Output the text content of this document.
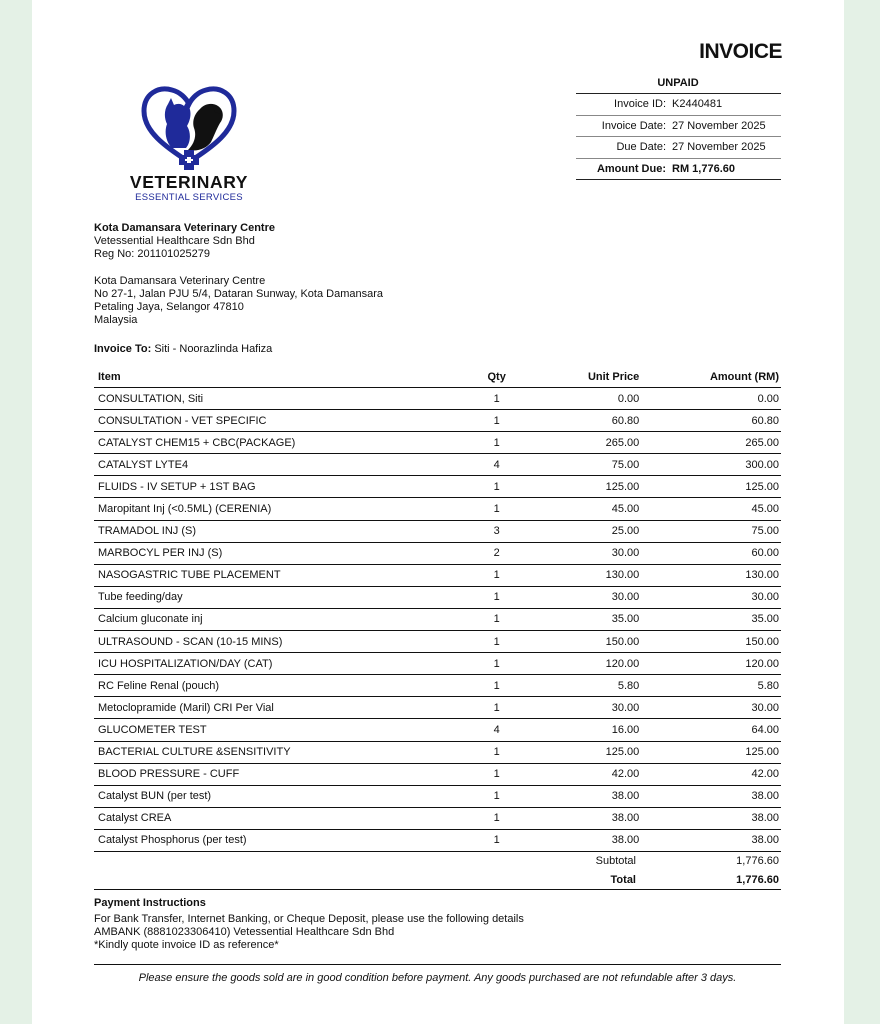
INVOICE
UNPAID
Invoice ID: K2440481
Invoice Date: 27 November 2025
Due Date: 27 November 2025
Amount Due: RM 1,776.60
VETERINARY
ESSENTIAL SERVICES
Kota Damansara Veterinary Centre
Vetessential Healthcare Sdn Bhd
Reg No: 201101025279
Kota Damansara Veterinary Centre
No 27-1, Jalan PJU 5/4, Dataran Sunway, Kota Damansara
Petaling Jaya, Selangor 47810
Malaysia
Invoice To: Siti - Noorazlinda Hafiza
Item	Qty	Unit Price	Amount (RM)
CONSULTATION, Siti	1	0.00	0.00
CONSULTATION - VET SPECIFIC	1	60.80	60.80
CATALYST CHEM15 + CBC(PACKAGE)	1	265.00	265.00
CATALYST LYTE4	4	75.00	300.00
FLUIDS - IV SETUP + 1ST BAG	1	125.00	125.00
Maropitant Inj (<0.5ML) (CERENIA)	1	45.00	45.00
TRAMADOL INJ (S)	3	25.00	75.00
MARBOCYL PER INJ (S)	2	30.00	60.00
NASOGASTRIC TUBE PLACEMENT	1	130.00	130.00
Tube feeding/day	1	30.00	30.00
Calcium gluconate inj	1	35.00	35.00
ULTRASOUND - SCAN (10-15 MINS)	1	150.00	150.00
ICU HOSPITALIZATION/DAY (CAT)	1	120.00	120.00
RC Feline Renal (pouch)	1	5.80	5.80
Metoclopramide (Maril) CRI Per Vial	1	30.00	30.00
GLUCOMETER TEST	4	16.00	64.00
BACTERIAL CULTURE &SENSITIVITY	1	125.00	125.00
BLOOD PRESSURE - CUFF	1	42.00	42.00
Catalyst BUN (per test)	1	38.00	38.00
Catalyst CREA	1	38.00	38.00
Catalyst Phosphorus (per test)	1	38.00	38.00
Subtotal	1,776.60
Total	1,776.60
Payment Instructions
For Bank Transfer, Internet Banking, or Cheque Deposit, please use the following details
AMBANK (8881023306410) Vetessential Healthcare Sdn Bhd
*Kindly quote invoice ID as reference*
Please ensure the goods sold are in good condition before payment. Any goods purchased are not refundable after 3 days.
